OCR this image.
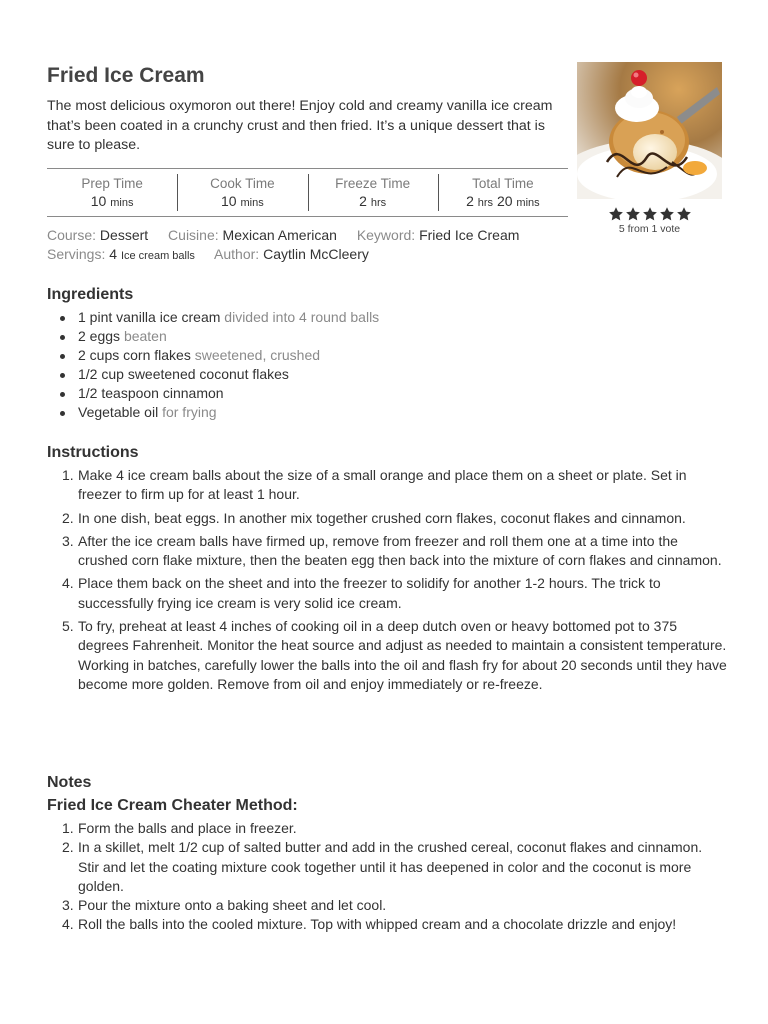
Fried Ice Cream
The most delicious oxymoron out there! Enjoy cold and creamy vanilla ice cream that’s been coated in a crunchy crust and then fried. It’s a unique dessert that is sure to please.
5 from 1 vote
Prep Time
10 mins
Cook Time
10 mins
Freeze Time
2 hrs
Total Time
2 hrs 20 mins
Course: Dessert Cuisine: Mexican American Keyword: Fried Ice Cream
Servings: 4 Ice cream balls Author: Caytlin McCleery
Ingredients
1 pint vanilla ice cream divided into 4 round balls
2 eggs beaten
2 cups corn flakes sweetened, crushed
1/2 cup sweetened coconut flakes
1/2 teaspoon cinnamon
Vegetable oil for frying
Instructions
1. Make 4 ice cream balls about the size of a small orange and place them on a sheet or plate. Set in freezer to firm up for at least 1 hour.
2. In one dish, beat eggs. In another mix together crushed corn flakes, coconut flakes and cinnamon.
3. After the ice cream balls have firmed up, remove from freezer and roll them one at a time into the crushed corn flake mixture, then the beaten egg then back into the mixture of corn flakes and cinnamon.
4. Place them back on the sheet and into the freezer to solidify for another 1-2 hours. The trick to successfully frying ice cream is very solid ice cream.
5. To fry, preheat at least 4 inches of cooking oil in a deep dutch oven or heavy bottomed pot to 375 degrees Fahrenheit. Monitor the heat source and adjust as needed to maintain a consistent temperature. Working in batches, carefully lower the balls into the oil and flash fry for about 20 seconds until they have become more golden. Remove from oil and enjoy immediately or re-freeze.
Notes
Fried Ice Cream Cheater Method:
1. Form the balls and place in freezer.
2. In a skillet, melt 1/2 cup of salted butter and add in the crushed cereal, coconut flakes and cinnamon. Stir and let the coating mixture cook together until it has deepened in color and the coconut is more golden.
3. Pour the mixture onto a baking sheet and let cool.
4. Roll the balls into the cooled mixture. Top with whipped cream and a chocolate drizzle and enjoy!
